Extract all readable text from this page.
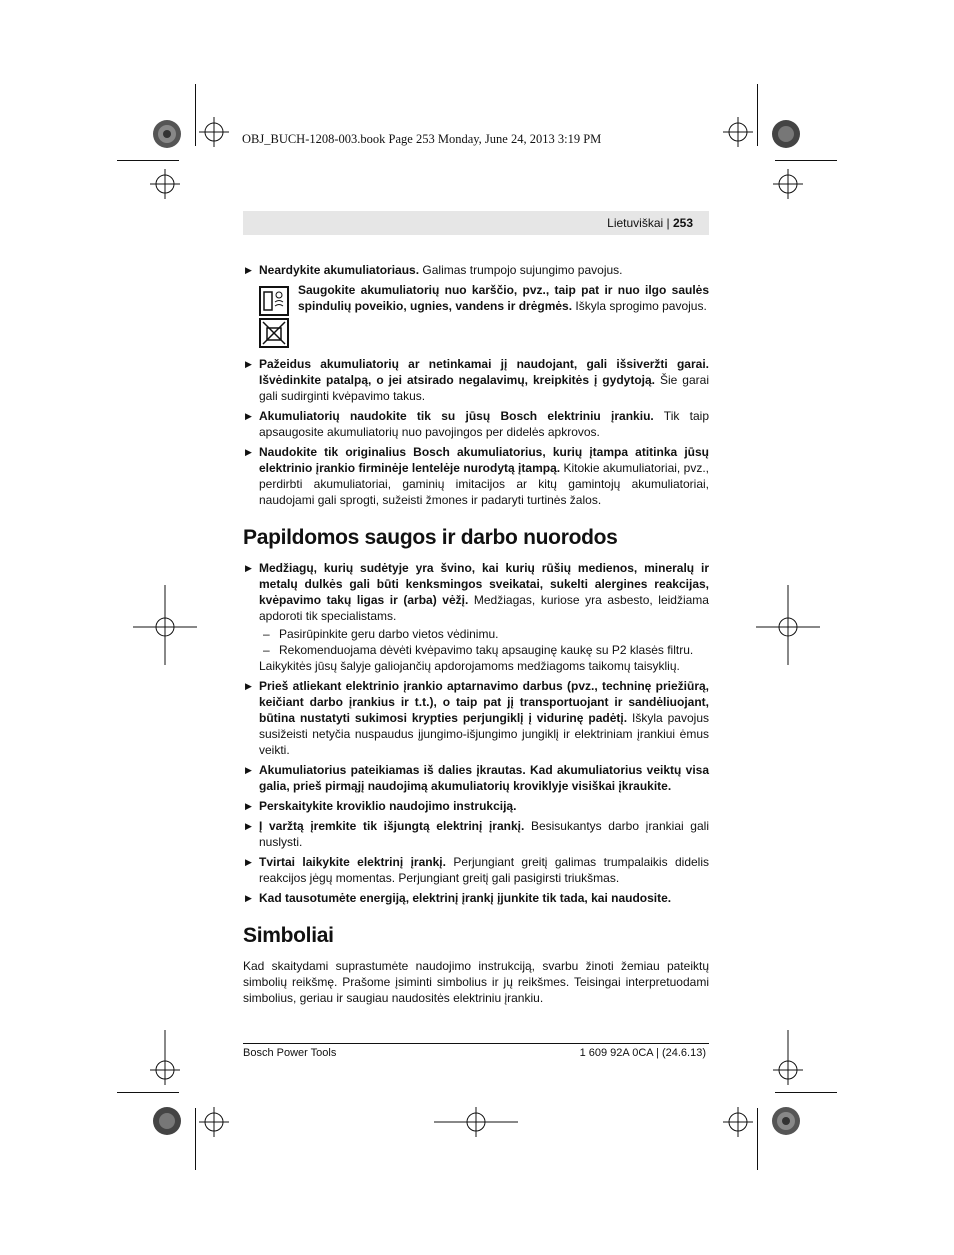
OBJ_BUCH-1208-003.book Page 253 Monday, June 24, 2013 3:19 PM
Lietuviškai | 253
▶ Neardykite akumuliatoriaus. Galimas trumpojo sujungimo pavojus.

Saugokite akumuliatorių nuo karščio, pvz., taip pat ir nuo ilgo saulės spindulių poveikio, ugnies, vandens ir drėgmės. Iškyla sprogimo pavojus.

▶ Pažeidus akumuliatorių ar netinkamai jį naudojant, gali išsiveržti garai. Išvėdinkite patalpą, o jei atsirado negalavimų, kreipkitės į gydytoją. Šie garai gali sudirginti kvėpavimo takus.
▶ Akumuliatorių naudokite tik su jūsų Bosch elektriniu įrankiu. Tik taip apsaugosite akumuliatorių nuo pavojingos per didelės apkrovos.
▶ Naudokite tik originalius Bosch akumuliatorius, kurių įtampa atitinka jūsų elektrinio įrankio firminėje lentelėje nurodytą įtampą. Kitokie akumuliatoriai, pvz., perdirbti akumuliatoriai, gaminių imitacijos ar kitų gamintojų akumuliatoriai, naudojami gali sprogti, sužeisti žmones ir padaryti turtinės žalos.
Papildomos saugos ir darbo nuorodos
▶ Medžiagų, kurių sudėtyje yra švino, kai kurių rūšių medienos, mineralų ir metalų dulkės gali būti kenksmingos sveikatai, sukelti alergines reakcijas, kvėpavimo takų ligas ir (arba) vėžį. Medžiagas, kuriose yra asbesto, leidžiama apdoroti tik specialistams.
– Pasirūpinkite geru darbo vietos vėdinimu.
– Rekomenduojama dėvėti kvėpavimo takų apsauginę kaukę su P2 klasės filtru.

Laikykitės jūsų šalyje galiojančių apdorojamoms medžiagoms taikomų taisyklių.

▶ Prieš atliekant elektrinio įrankio aptarnavimo darbus (pvz., techninę priežiūrą, keičiant darbo įrankius ir t.t.), o taip pat jį transportuojant ir sandėliuojant, būtina nustatyti sukimosi krypties perjungiklį į vidurinę padėtį. Iškyla pavojus susižeisti netyčia nuspaudus įjungimo-išjungimo jungiklį ir elektriniam įrankiui ėmus veikti.
▶ Akumuliatorius pateikiamas iš dalies įkrautas. Kad akumuliatorius veiktų visa galia, prieš pirmąjį naudojimą akumuliatorių kroviklyje visiškai įkraukite.
▶ Perskaitykite kroviklio naudojimo instrukciją.
▶ Į varžtą įremkite tik išjungtą elektrinį įrankį. Besisukantys darbo įrankiai gali nuslysti.
▶ Tvirtai laikykite elektrinį įrankį. Perjungiant greitį galimas trumpalaikis didelis reakcijos jėgų momentas. Perjungiant greitį gali pasigirsti triukšmas.
▶ Kad tausotumėte energiją, elektrinį įrankį įjunkite tik tada, kai naudosite.
Simboliai

Kad skaitydami suprastumėte naudojimo instrukciją, svarbu žinoti žemiau pateiktų simbolių reikšmę. Prašome įsiminti simbolius ir jų reikšmes. Teisingai interpretuodami simbolius, geriau ir saugiau naudositės elektriniu įrankiu.

Bosch Power Tools	1 609 92A 0CA | (24.6.13)
